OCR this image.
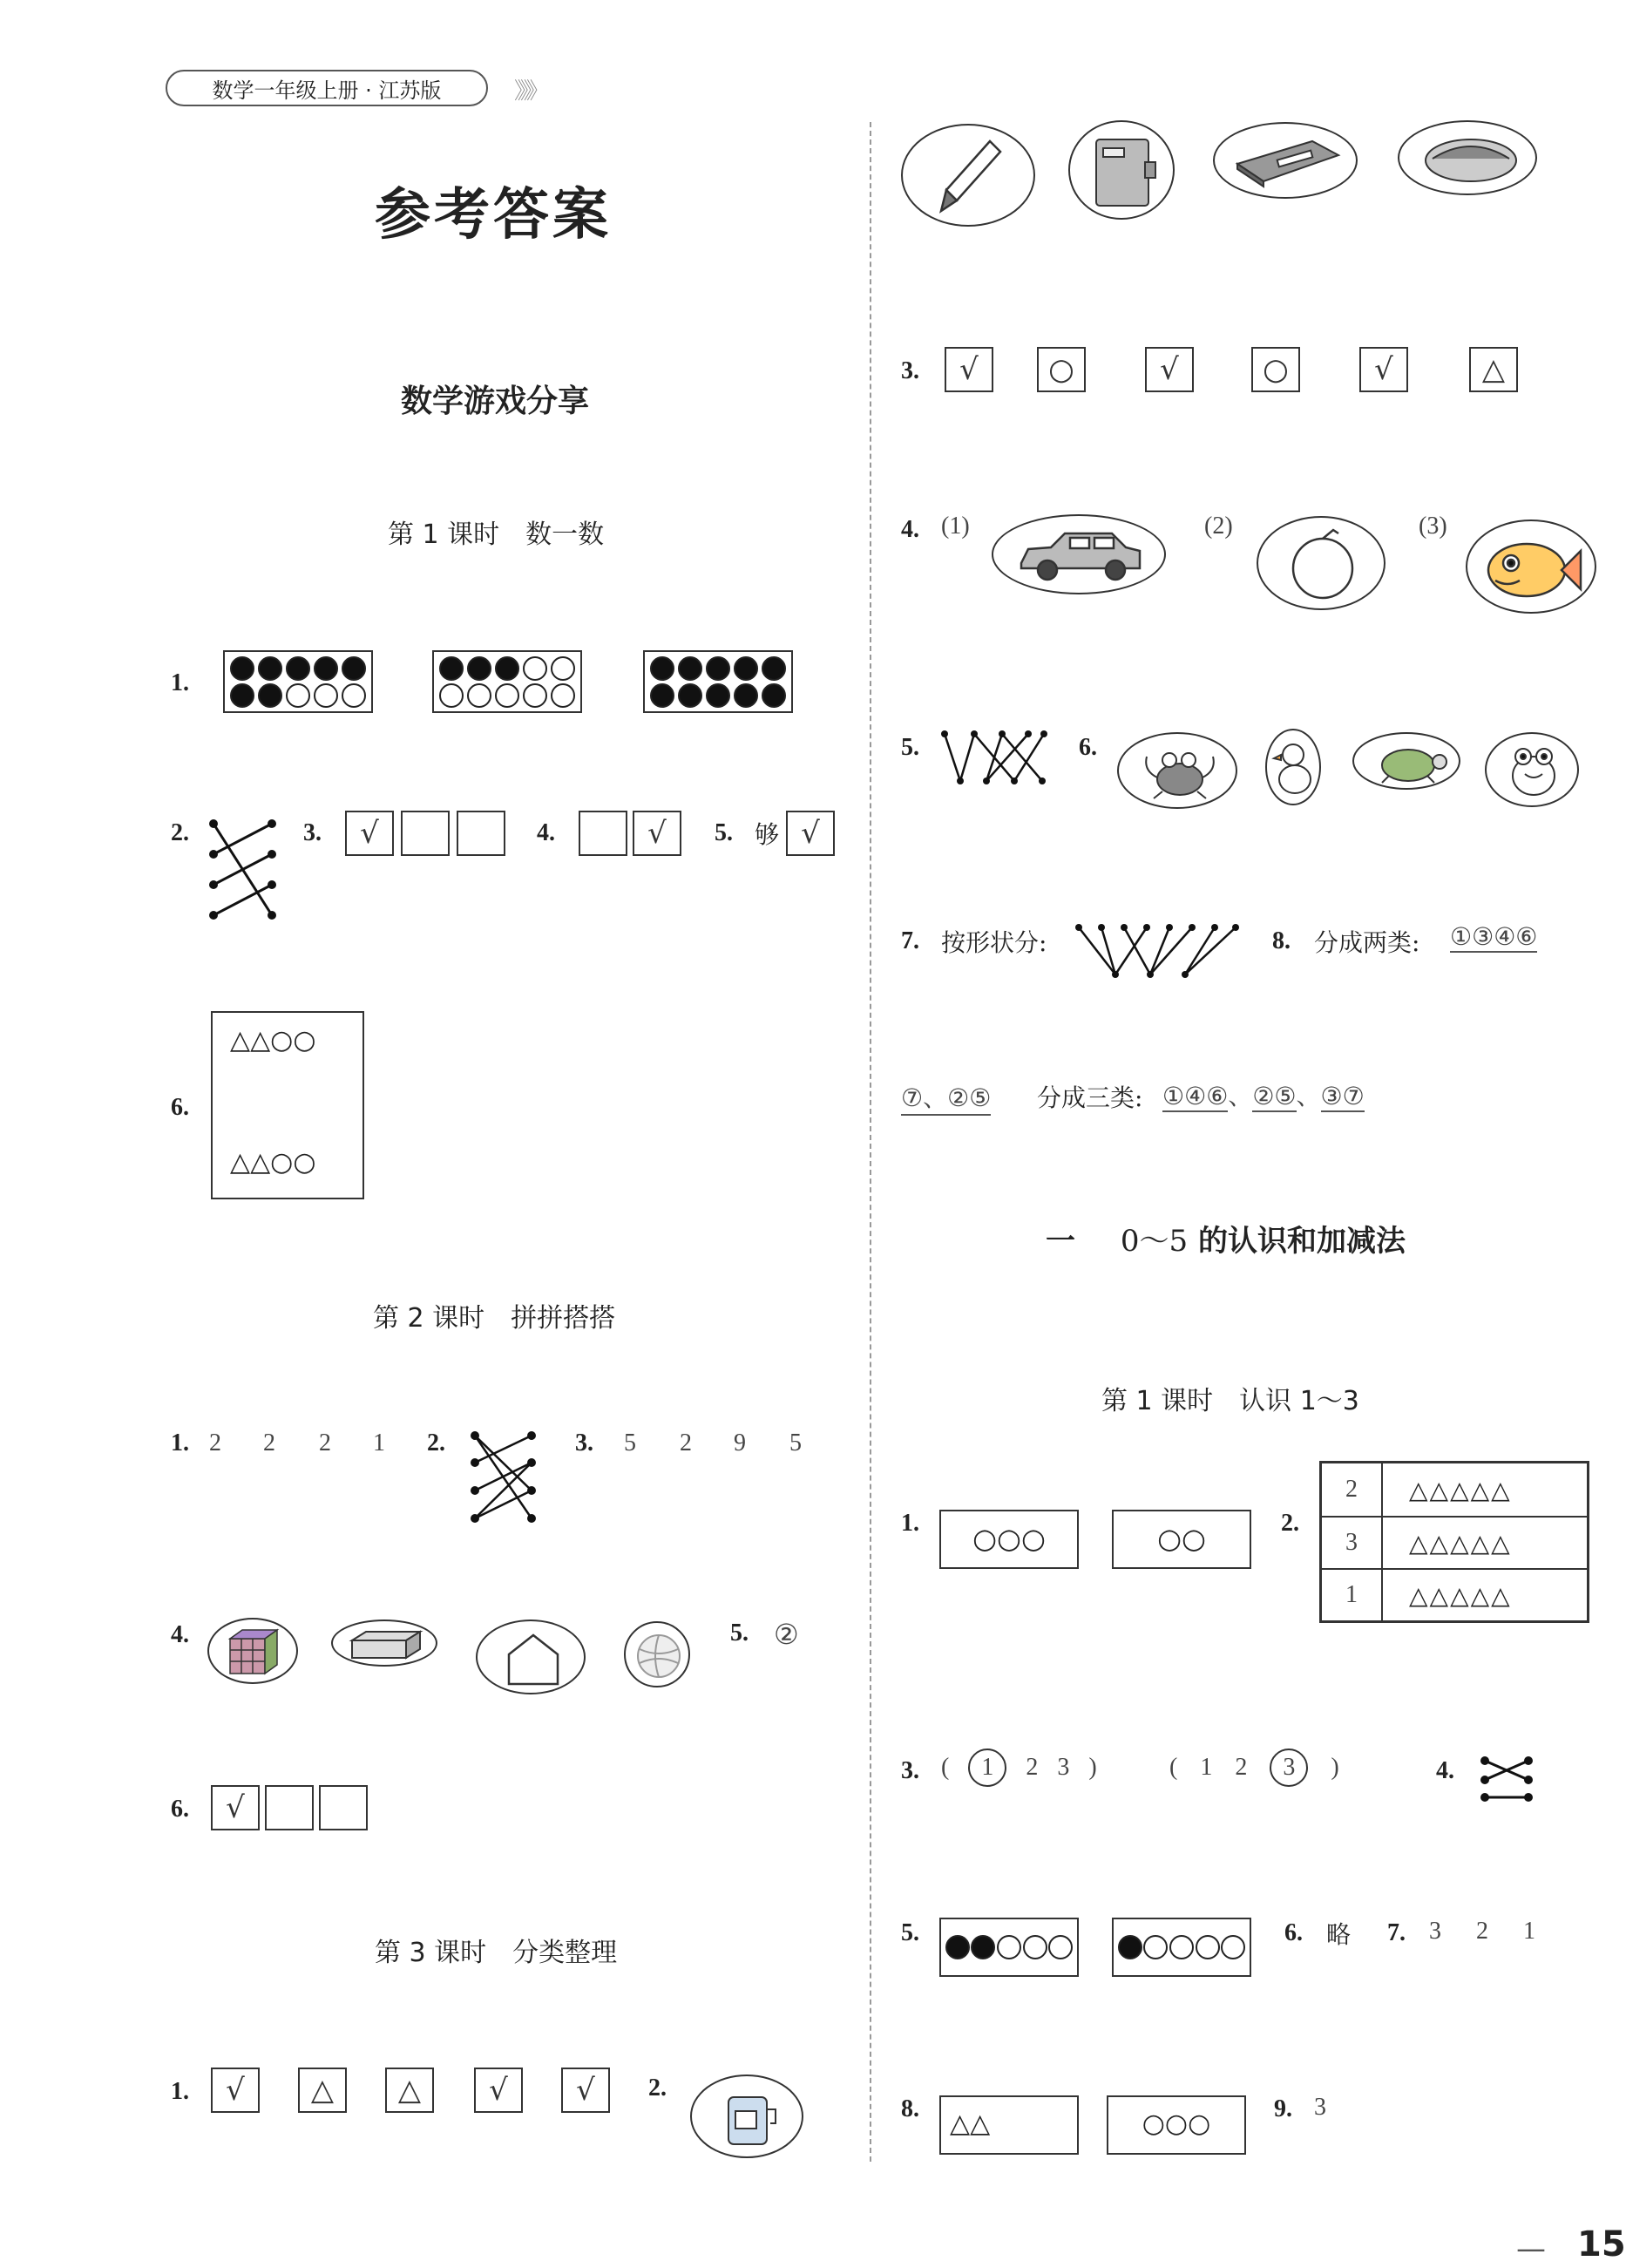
数学一年级上册 · 江苏版	》》》
参考答案
数学游戏分享
第 1 课时　数一数
1.
2.	3.	√	4.	√	5. 够 √
6.
△△○○
△△○○
第 2 课时　拼拼搭搭
1. 2 2 2 1 2.	3. 5 2 9 5
4.	5. ②
6.	√
第 3 课时　分类整理
1.	√	△	△	√	√	2.
3.	√	○	√	○	√	△
4. (1)	(2)	(3)
5.	6.
7. 按形状分:	8. 分成两类: ①③④⑥
⑦、②⑤ 分成三类: ①④⑥、②⑤、③⑦
一 0～5 的认识和加减法
第 1 课时　认识 1～3
1.	○○○	○○	2.
2	△△△△△
3	△△△△△
1	△△△△△
3. (	1	2 3 )	( 1 2	3	)	4.
5.	6. 略 7. 3 2 1
8.	△△	○○○	9. 3
— 15
